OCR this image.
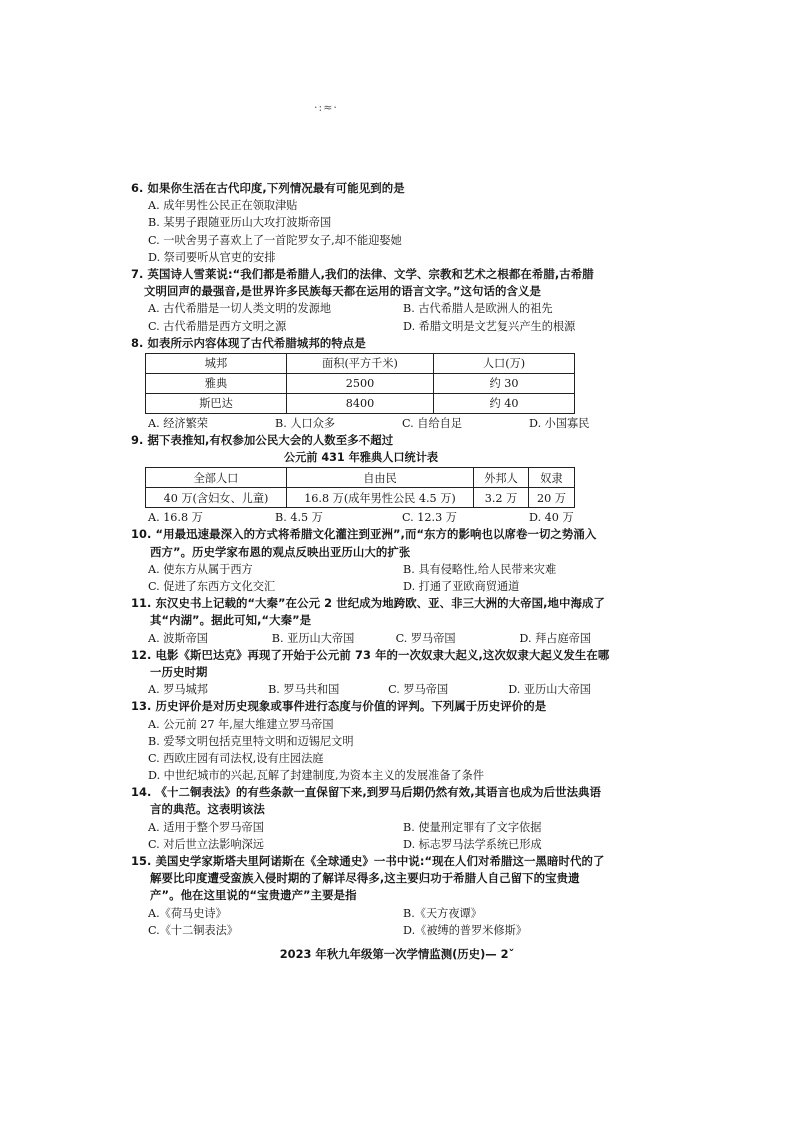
·:≈·
6. 如果你生活在古代印度,下列情况最有可能见到的是
A. 成年男性公民正在领取津贴
B. 某男子跟随亚历山大攻打波斯帝国
C. 一吠舍男子喜欢上了一首陀罗女子,却不能迎娶她
D. 祭司要听从官吏的安排
7. 英国诗人雪莱说:“我们都是希腊人,我们的法律、文学、宗教和艺术之根都在希腊,古希腊
文明回声的最强音,是世界许多民族每天都在运用的语言文字。”这句话的含义是
A. 古代希腊是一切人类文明的发源地	B. 古代希腊人是欧洲人的祖先
C. 古代希腊是西方文明之源	D. 希腊文明是文艺复兴产生的根源
8. 如表所示内容体现了古代希腊城邦的特点是
城邦	面积(平方千米)	人口(万)
雅典	2500	约 30
斯巴达	8400	约 40
A. 经济繁荣	B. 人口众多	C. 自给自足	D. 小国寡民
9. 据下表推知,有权参加公民大会的人数至多不超过
公元前 431 年雅典人口统计表
全部人口	自由民	外邦人	奴隶
40 万(含妇女、儿童)	16.8 万(成年男性公民 4.5 万)	3.2 万	20 万
A. 16.8 万	B. 4.5 万	C. 12.3 万	D. 40 万
10. “用最迅速最深入的方式将希腊文化灌注到亚洲”,而“东方的影响也以席卷一切之势涌入
西方”。历史学家布恩的观点反映出亚历山大的扩张
A. 使东方从属于西方	B. 具有侵略性,给人民带来灾难
C. 促进了东西方文化交汇	D. 打通了亚欧商贸通道
11. 东汉史书上记载的“大秦”在公元 2 世纪成为地跨欧、亚、非三大洲的大帝国,地中海成了
其“内湖”。据此可知,“大秦”是
A. 波斯帝国	B. 亚历山大帝国	C. 罗马帝国	D. 拜占庭帝国
12. 电影《斯巴达克》再现了开始于公元前 73 年的一次奴隶大起义,这次奴隶大起义发生在哪
一历史时期
A. 罗马城邦	B. 罗马共和国	C. 罗马帝国	D. 亚历山大帝国
13. 历史评价是对历史现象或事件进行态度与价值的评判。下列属于历史评价的是
A. 公元前 27 年,屋大维建立罗马帝国
B. 爱琴文明包括克里特文明和迈锡尼文明
C. 西欧庄园有司法权,设有庄园法庭
D. 中世纪城市的兴起,瓦解了封建制度,为资本主义的发展准备了条件
14. 《十二铜表法》的有些条款一直保留下来,到罗马后期仍然有效,其语言也成为后世法典语
言的典范。这表明该法
A. 适用于整个罗马帝国	B. 使量刑定罪有了文字依据
C. 对后世立法影响深远	D. 标志罗马法学系统已形成
15. 美国史学家斯塔夫里阿诺斯在《全球通史》一书中说:“现在人们对希腊这一黑暗时代的了
解要比印度遭受蛮族入侵时期的了解详尽得多,这主要归功于希腊人自己留下的宝贵遗
产”。他在这里说的“宝贵遗产”主要是指
A.《荷马史诗》	B.《天方夜谭》
C.《十二铜表法》	D.《被缚的普罗米修斯》
2023 年秋九年级第一次学情监测(历史)— 2ˇ
